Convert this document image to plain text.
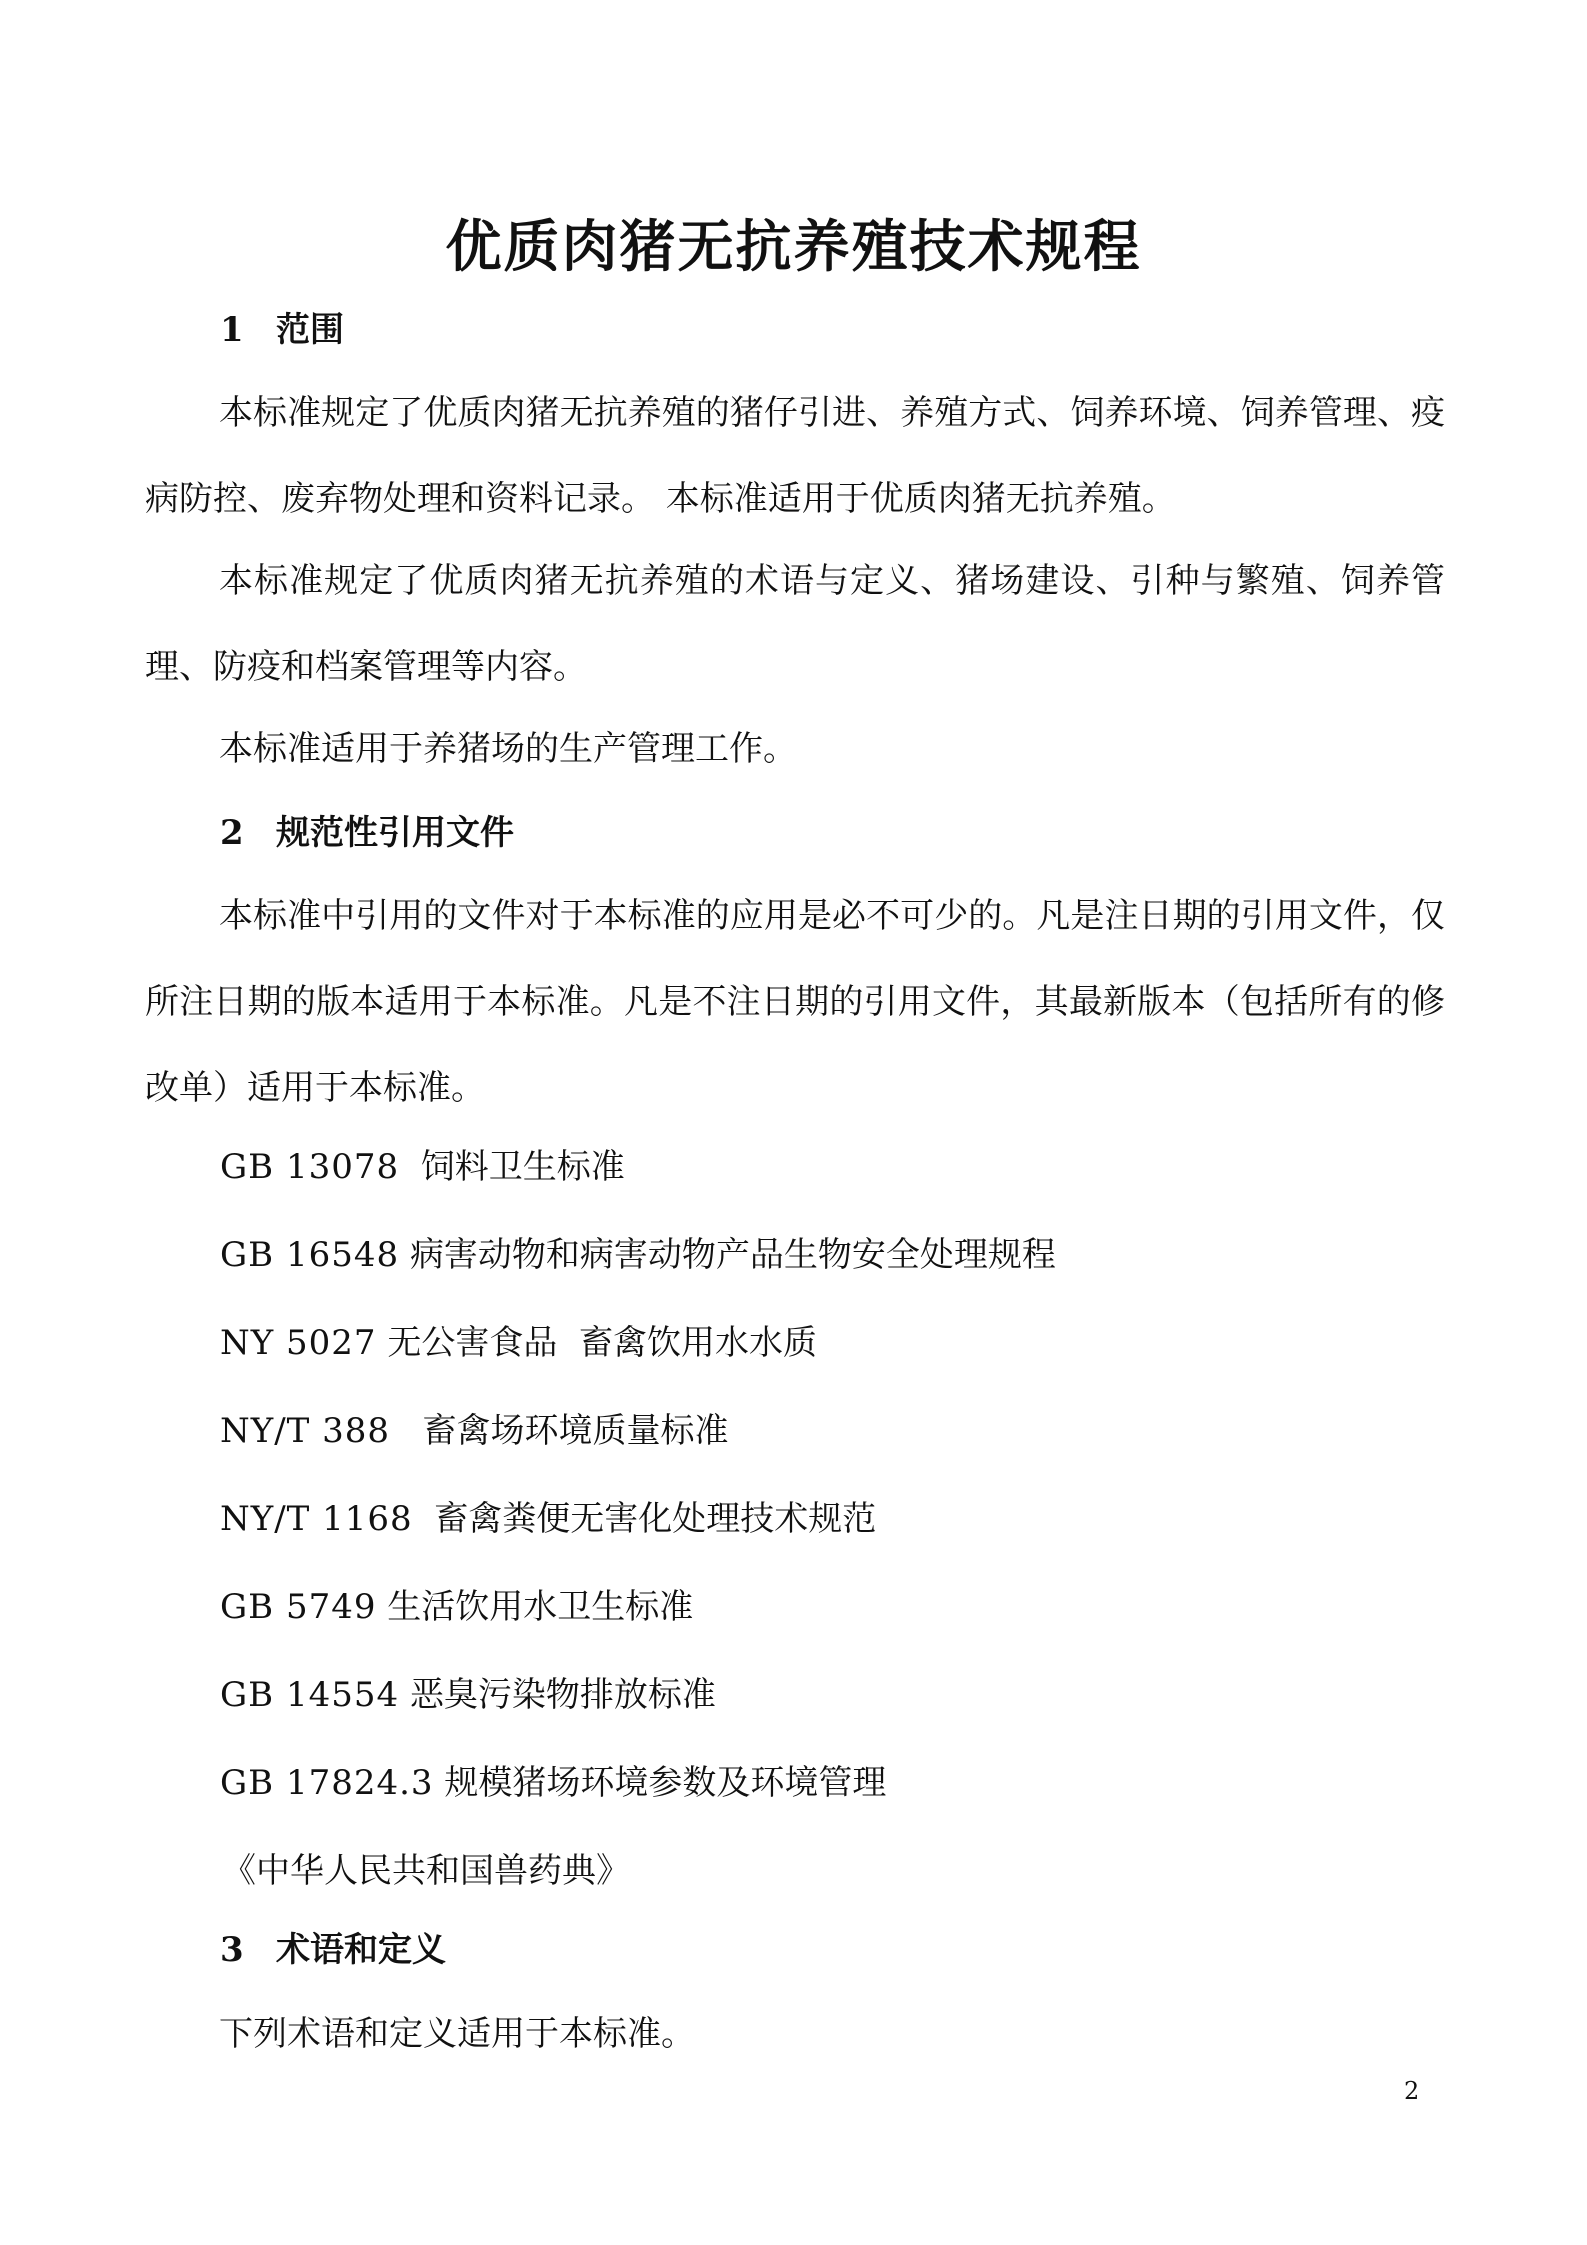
优质肉猪无抗养殖技术规程
1 范围

本标准规定了优质肉猪无抗养殖的猪仔引进、养殖方式、饲养环境、饲养管理、疫病防控、废弃物处理和资料记录。 本标准适用于优质肉猪无抗养殖。

本标准规定了优质肉猪无抗养殖的术语与定义、猪场建设、引种与繁殖、饲养管理、防疫和档案管理等内容。

本标准适用于养猪场的生产管理工作。

2 规范性引用文件

本标准中引用的文件对于本标准的应用是必不可少的。凡是注日期的引用文件，仅所注日期的版本适用于本标准。凡是不注日期的引用文件，其最新版本（包括所有的修改单）适用于本标准。

GB 13078 饲料卫生标准
GB 16548 病害动物和病害动物产品生物安全处理规程
NY 5027 无公害食品  畜禽饮用水水质
NY/T 388 畜禽场环境质量标准
NY/T 1168 畜禽粪便无害化处理技术规范
GB 5749 生活饮用水卫生标准
GB 14554 恶臭污染物排放标准
GB 17824.3 规模猪场环境参数及环境管理
《中华人民共和国兽药典》
3 术语和定义

下列术语和定义适用于本标准。

2
